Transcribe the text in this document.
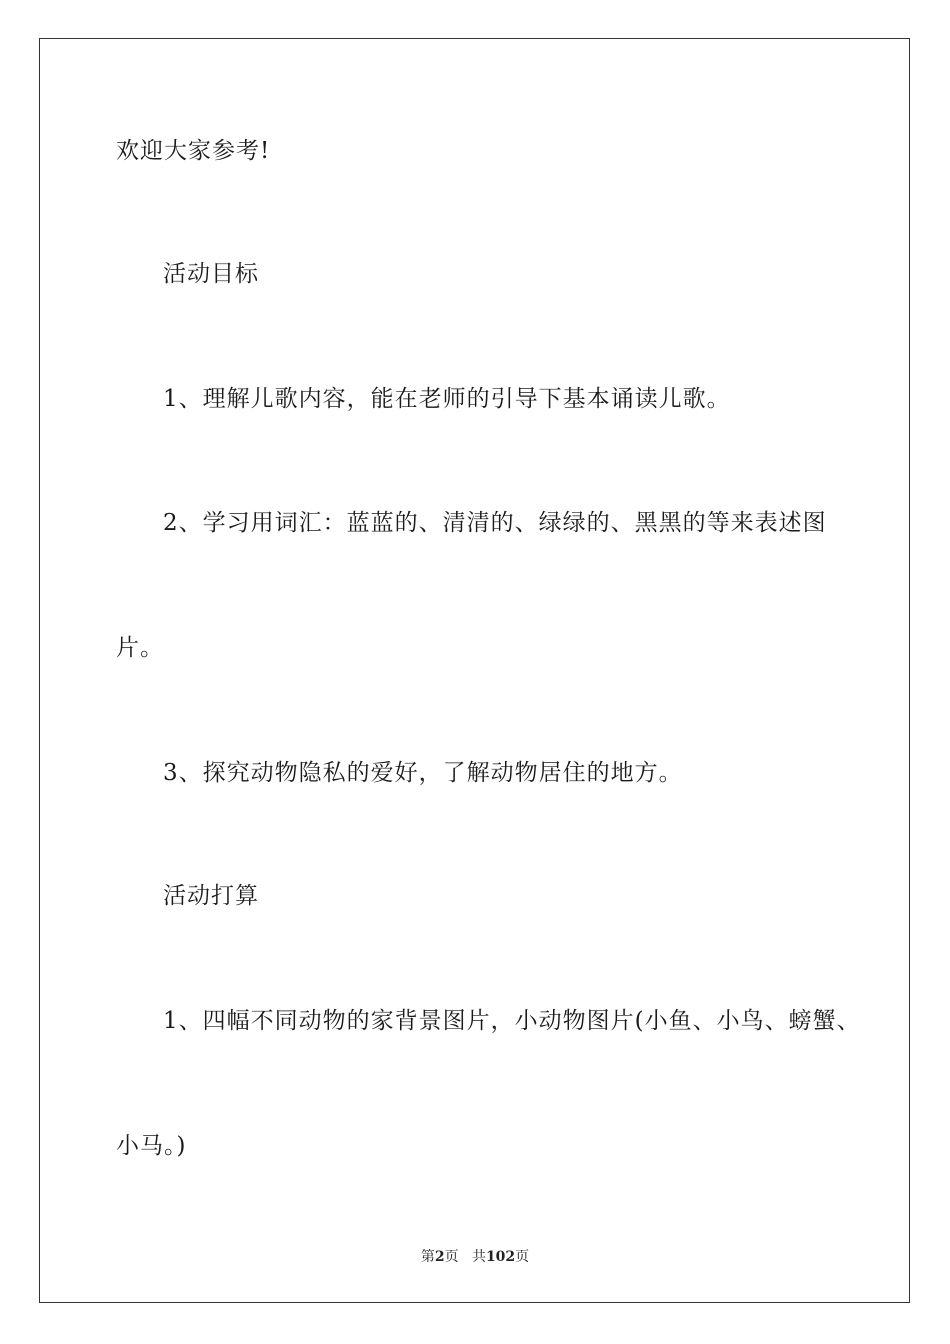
欢迎大家参考!
活动目标
1、理解儿歌内容，能在老师的引导下基本诵读儿歌。
2、学习用词汇：蓝蓝的、清清的、绿绿的、黑黑的等来表述图
片。
3、探究动物隐私的爱好，了解动物居住的地方。
活动打算
1、四幅不同动物的家背景图片，小动物图片(小鱼、小鸟、螃蟹、
小马。)
第2页 共102页
